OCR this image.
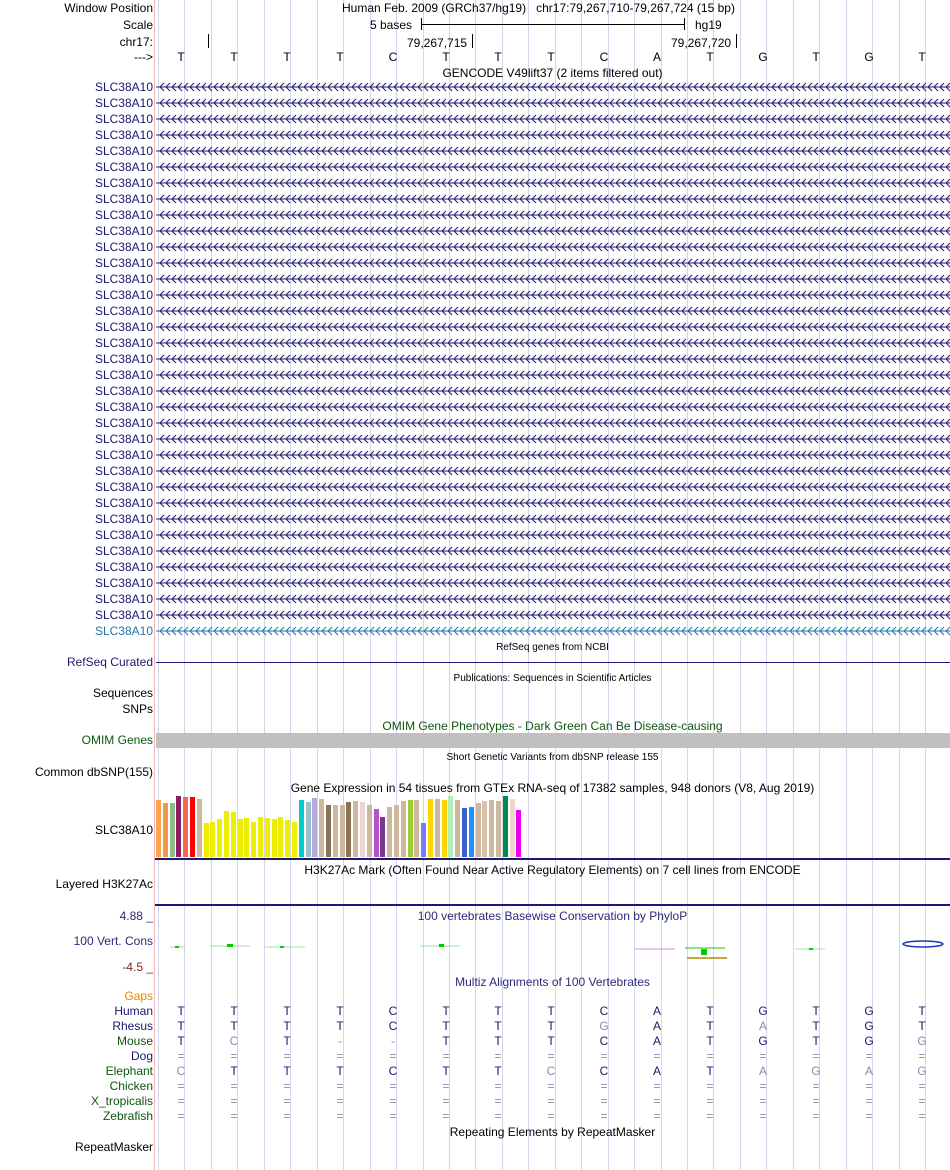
Window Position	Human Feb. 2009 (GRCh37/hg19) chr17:79,267,710-79,267,724 (15 bp)
Scale	5 bases	hg19
chr17:	79,267,715	79,267,720
--->	T	T	T	T	C	T	T	T	C	A	T	G	T	G	T
GENCODE V49lift37 (2 items filtered out)
SLC38A10
SLC38A10
SLC38A10
SLC38A10
SLC38A10
SLC38A10
SLC38A10
SLC38A10
SLC38A10
SLC38A10
SLC38A10
SLC38A10
SLC38A10
SLC38A10
SLC38A10
SLC38A10
SLC38A10
SLC38A10
SLC38A10
SLC38A10
SLC38A10
SLC38A10
SLC38A10
SLC38A10
SLC38A10
SLC38A10
SLC38A10
SLC38A10
SLC38A10
SLC38A10
SLC38A10
SLC38A10
SLC38A10
SLC38A10
SLC38A10
RefSeq genes from NCBI
RefSeq Curated
Publications: Sequences in Scientific Articles
Sequences
SNPs
OMIM Gene Phenotypes - Dark Green Can Be Disease-causing
OMIM Genes
Short Genetic Variants from dbSNP release 155
Common dbSNP(155)
Gene Expression in 54 tissues from GTEx RNA-seq of 17382 samples, 948 donors (V8, Aug 2019)
SLC38A10
H3K27Ac Mark (Often Found Near Active Regulatory Elements) on 7 cell lines from ENCODE
Layered H3K27Ac
4.88 _	100 vertebrates Basewise Conservation by PhyloP
100 Vert. Cons
-4.5 _
Multiz Alignments of 100 Vertebrates
Gaps
Human	T	T	T	T	C	T	T	T	C	A	T	G	T	G	T
Rhesus	T	T	T	T	C	T	T	T	G	A	T	A	T	G	T
Mouse	T	C	T	-	-	T	T	T	C	A	T	G	T	G	G
Dog	=	=	=	=	=	=	=	=	=	=	=	=	=	=	=
Elephant	C	T	T	T	C	T	T	C	C	A	T	A	G	A	G
Chicken	=	=	=	=	=	=	=	=	=	=	=	=	=	=	=
X_tropicalis	=	=	=	=	=	=	=	=	=	=	=	=	=	=	=
Zebrafish	=	=	=	=	=	=	=	=	=	=	=	=	=	=	=
Repeating Elements by RepeatMasker
RepeatMasker
